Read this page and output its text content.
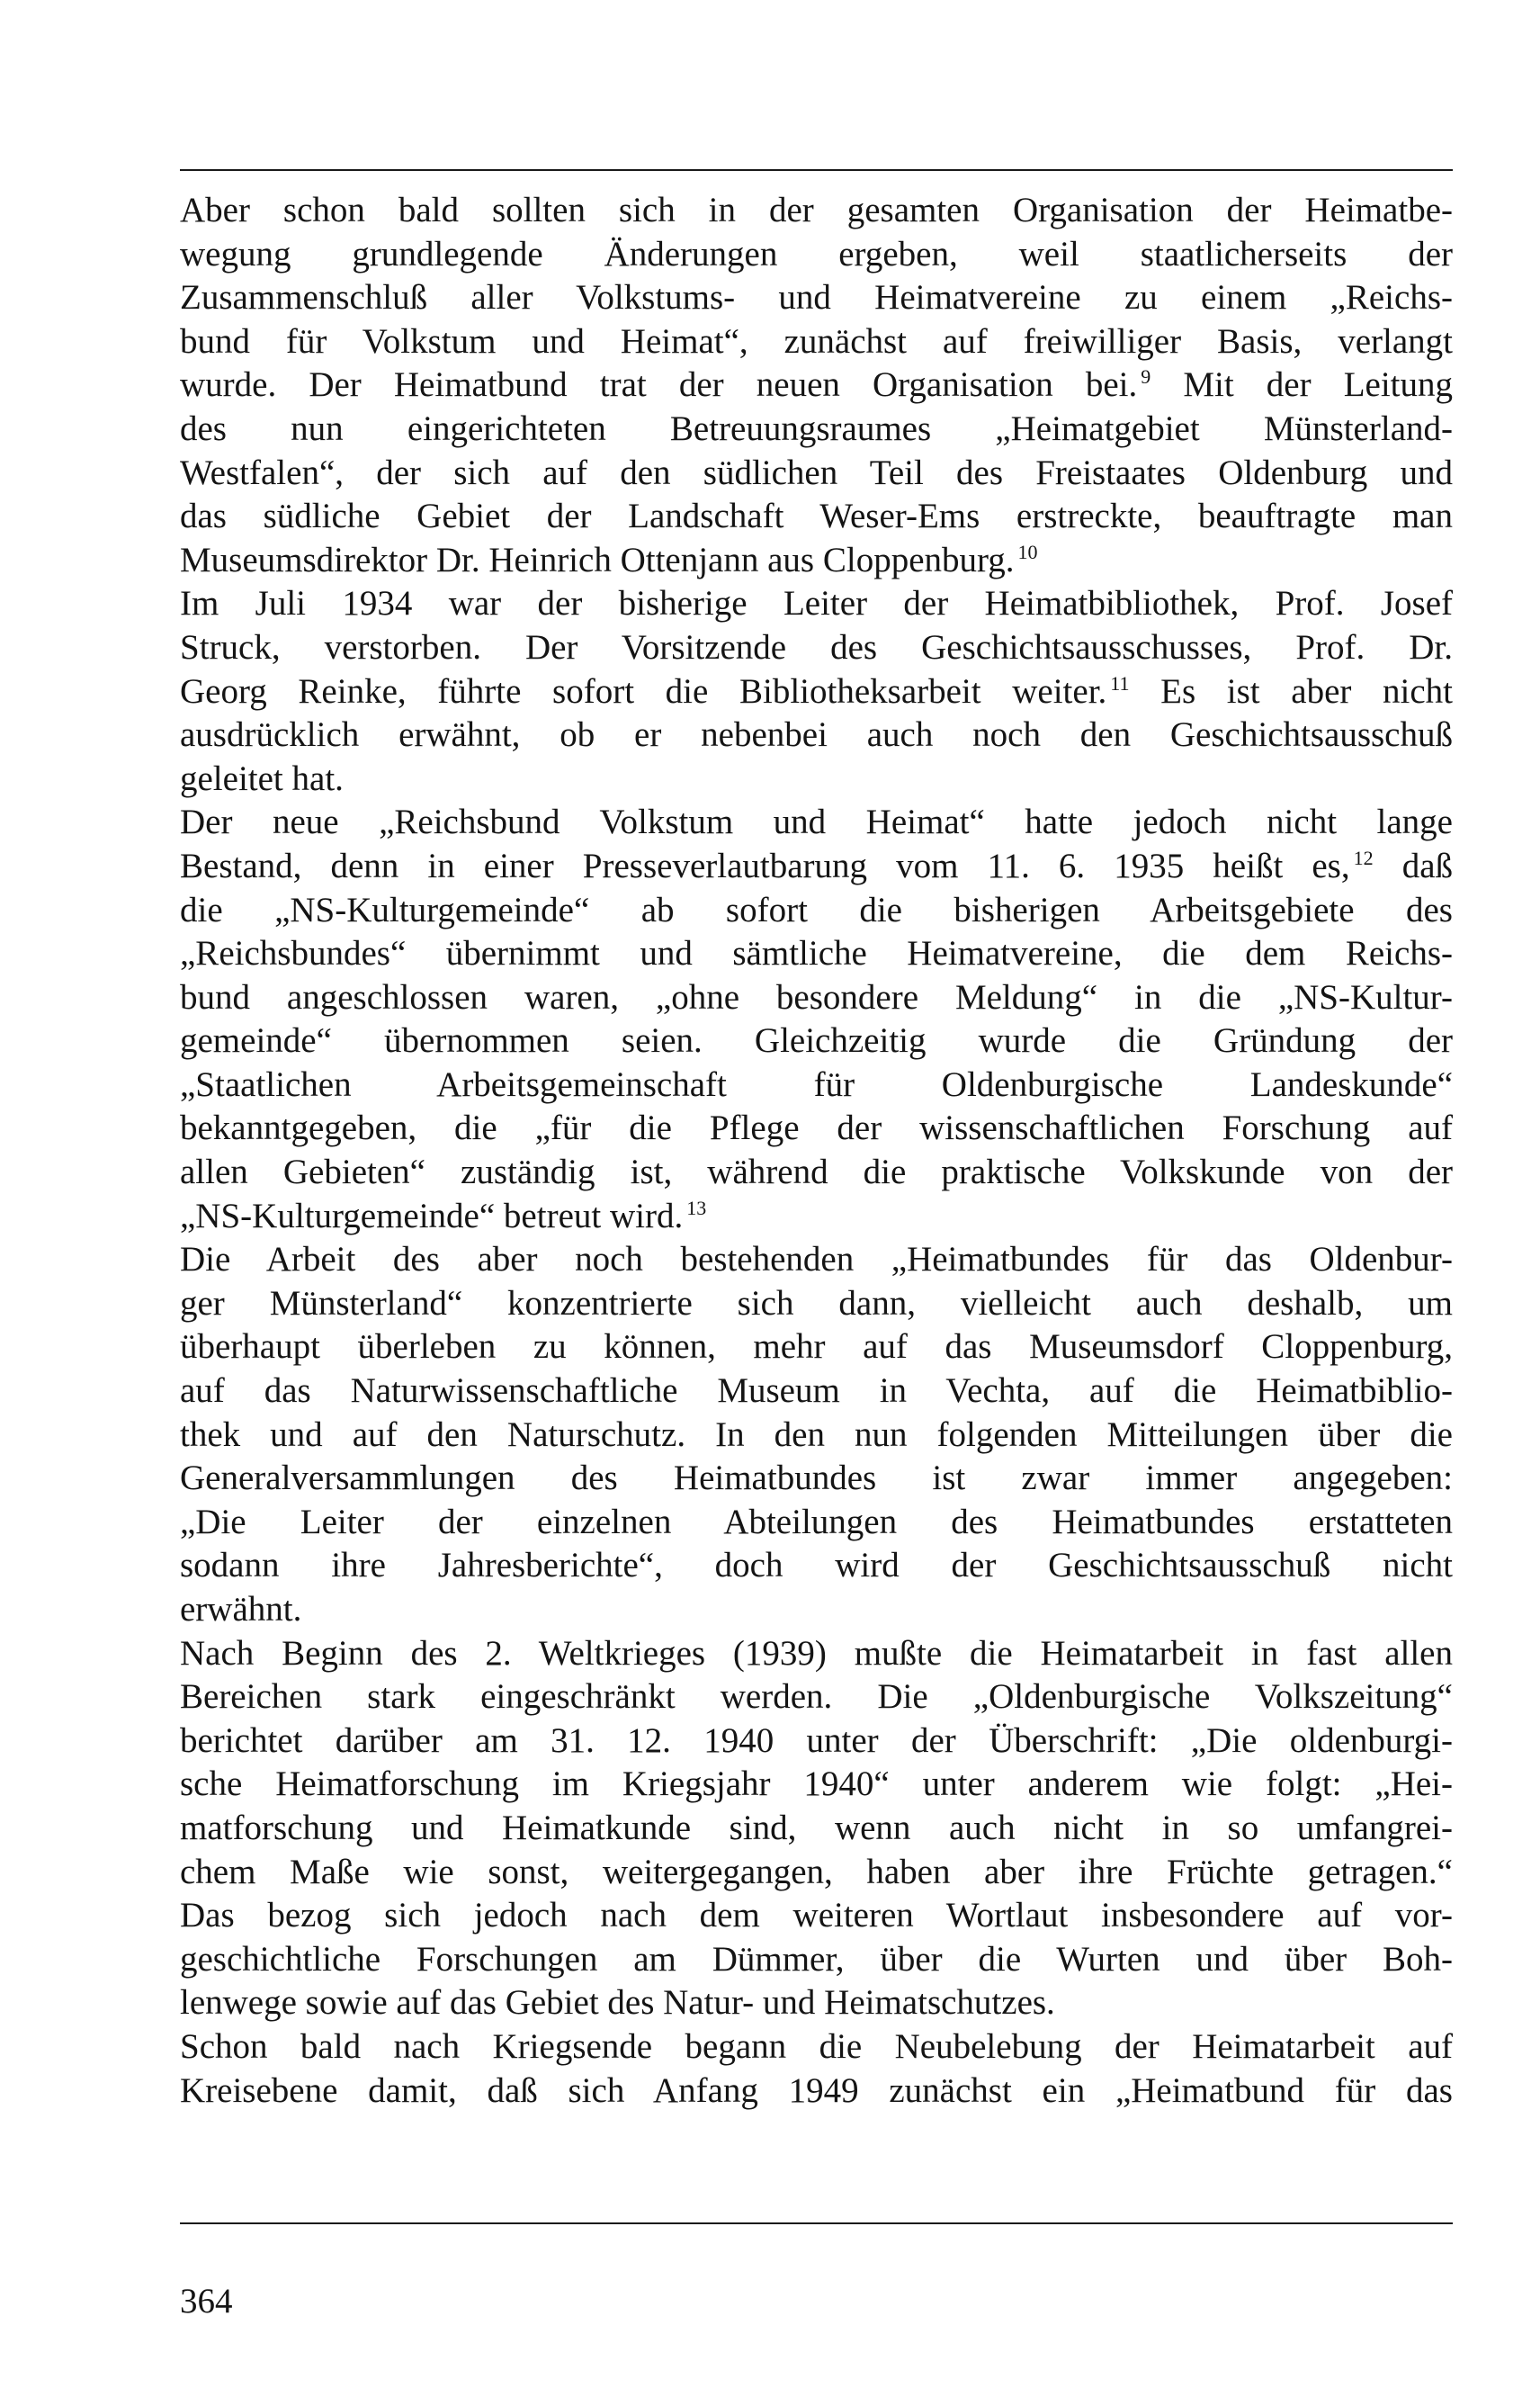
Aber schon bald sollten sich in der gesamten Organisation der Heimatbe-
wegung grundlegende Änderungen ergeben, weil staatlicherseits der
Zusammenschluß aller Volkstums- und Heimatvereine zu einem „Reichs-
bund für Volkstum und Heimat“, zunächst auf freiwilliger Basis, verlangt
wurde. Der Heimatbund trat der neuen Organisation bei. $^9$ Mit der Leitung
des nun eingerichteten Betreuungsraumes „Heimatgebiet Münsterland-
Westfalen“, der sich auf den südlichen Teil des Freistaates Oldenburg und
das südliche Gebiet der Landschaft Weser-Ems erstreckte, beauftragte man
Museumsdirektor Dr. Heinrich Ottenjann aus Cloppenburg. $^{10}$

Im Juli 1934 war der bisherige Leiter der Heimatbibliothek, Prof. Josef
Struck, verstorben. Der Vorsitzende des Geschichtsausschusses, Prof. Dr.
Georg Reinke, führte sofort die Bibliotheksarbeit weiter. $^{11}$ Es ist aber nicht
ausdrücklich erwähnt, ob er nebenbei auch noch den Geschichtsausschuß
geleitet hat.

Der neue „Reichsbund Volkstum und Heimat“ hatte jedoch nicht lange
Bestand, denn in einer Presseverlautbarung vom 11. 6. 1935 heißt es, $^{12}$ daß
die „NS-Kulturgemeinde“ ab sofort die bisherigen Arbeitsgebiete des
„Reichsbundes“ übernimmt und sämtliche Heimatvereine, die dem Reichs-
bund angeschlossen waren, „ohne besondere Meldung“ in die „NS-Kultur-
gemeinde“ übernommen seien. Gleichzeitig wurde die Gründung der
„Staatlichen Arbeitsgemeinschaft für Oldenburgische Landeskunde“
bekanntgegeben, die „für die Pflege der wissenschaftlichen Forschung auf
allen Gebieten“ zuständig ist, während die praktische Volkskunde von der
„NS-Kulturgemeinde“ betreut wird. $^{13}$

Die Arbeit des aber noch bestehenden „Heimatbundes für das Oldenbur-
ger Münsterland“ konzentrierte sich dann, vielleicht auch deshalb, um
überhaupt überleben zu können, mehr auf das Museumsdorf Cloppenburg,
auf das Naturwissenschaftliche Museum in Vechta, auf die Heimatbiblio-
thek und auf den Naturschutz. In den nun folgenden Mitteilungen über die
Generalversammlungen des Heimatbundes ist zwar immer angegeben:
„Die Leiter der einzelnen Abteilungen des Heimatbundes erstatteten
sodann ihre Jahresberichte“, doch wird der Geschichtsausschuß nicht
erwähnt.

Nach Beginn des 2. Weltkrieges (1939) mußte die Heimatarbeit in fast allen
Bereichen stark eingeschränkt werden. Die „Oldenburgische Volkszeitung“
berichtet darüber am 31. 12. 1940 unter der Überschrift: „Die oldenburgi-
sche Heimatforschung im Kriegsjahr 1940“ unter anderem wie folgt: „Hei-
matforschung und Heimatkunde sind, wenn auch nicht in so umfangrei-
chem Maße wie sonst, weitergegangen, haben aber ihre Früchte getragen.“
Das bezog sich jedoch nach dem weiteren Wortlaut insbesondere auf vor-
geschichtliche Forschungen am Dümmer, über die Wurten und über Boh-
lenwege sowie auf das Gebiet des Natur- und Heimatschutzes.

Schon bald nach Kriegsende begann die Neubelebung der Heimatarbeit auf
Kreisebene damit, daß sich Anfang 1949 zunächst ein „Heimatbund für das

364
